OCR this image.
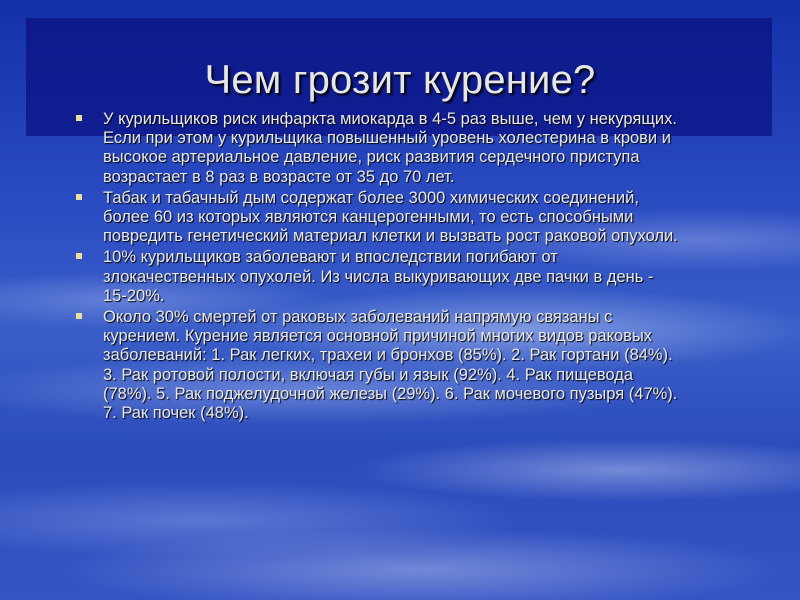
Чем грозит курение?
У курильщиков риск инфаркта миокарда в 4-5 раз выше, чем у некурящих. Если при этом у курильщика повышенный уровень холестерина в крови и высокое артериальное давление, риск развития сердечного приступа возрастает в 8 раз в возрасте от 35 до 70 лет.
Табак и табачный дым содержат более 3000 химических соединений, более 60 из которых являются канцерогенными, то есть способными повредить генетический материал клетки и вызвать рост раковой опухоли.
10% курильщиков заболевают и впоследствии погибают от злокачественных опухолей. Из числа выкуривающих две пачки в день - 15-20%.
Около 30% смертей от раковых заболеваний напрямую связаны с курением. Курение является основной причиной многих видов раковых заболеваний: 1. Рак легких, трахеи и бронхов (85%). 2. Рак гортани (84%). 3. Рак ротовой полости, включая губы и язык (92%). 4. Рак пищевода (78%). 5. Рак поджелудочной железы (29%). 6. Рак мочевого пузыря (47%). 7. Рак почек (48%).
